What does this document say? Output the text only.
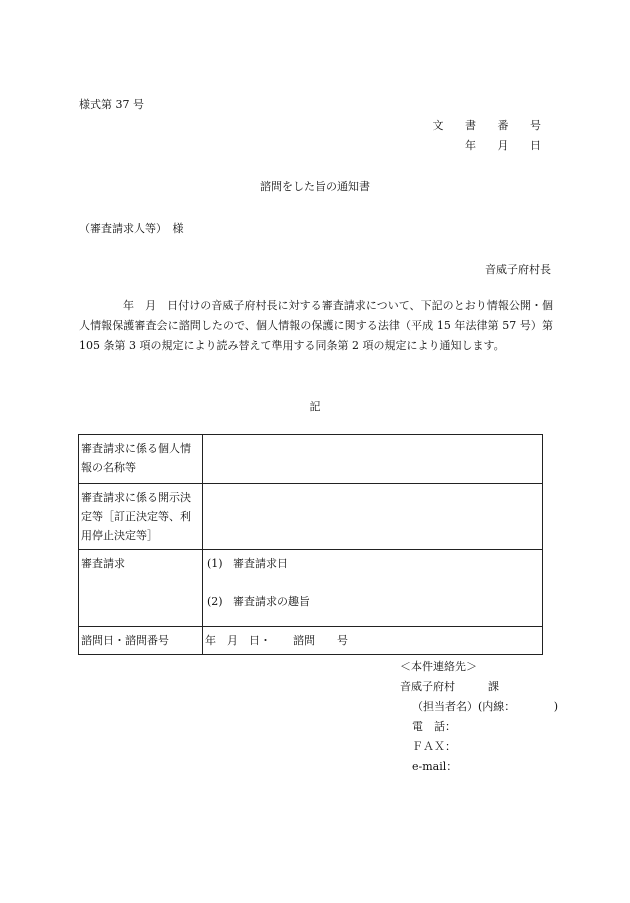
様式第 37 号
文 書 番 号
年 月 日
諮問をした旨の通知書
（審査請求人等）　様
音威子府村長
年　月　日付けの音威子府村長に対する審査請求について、下記のとおり情報公開・個人情報保護審査会に諮問したので、個人情報の保護に関する法律（平成 15 年法律第 57 号）第 105 条第 3 項の規定により読み替えて準用する同条第 2 項の規定により通知します。
記
審査請求に係る個人情報の名称等	
審査請求に係る開示決定等［訂正決定等、利用停止決定等］	
審査請求	(1) 審査請求日
(2) 審査請求の趣旨

諮問日・諮問番号	年　月　日・　　諮問　　号
＜本件連絡先＞
音威子府村　　　課
（担当者名）(内線：　　　　)
電　話：
ＦＡＸ：
e-mail：
